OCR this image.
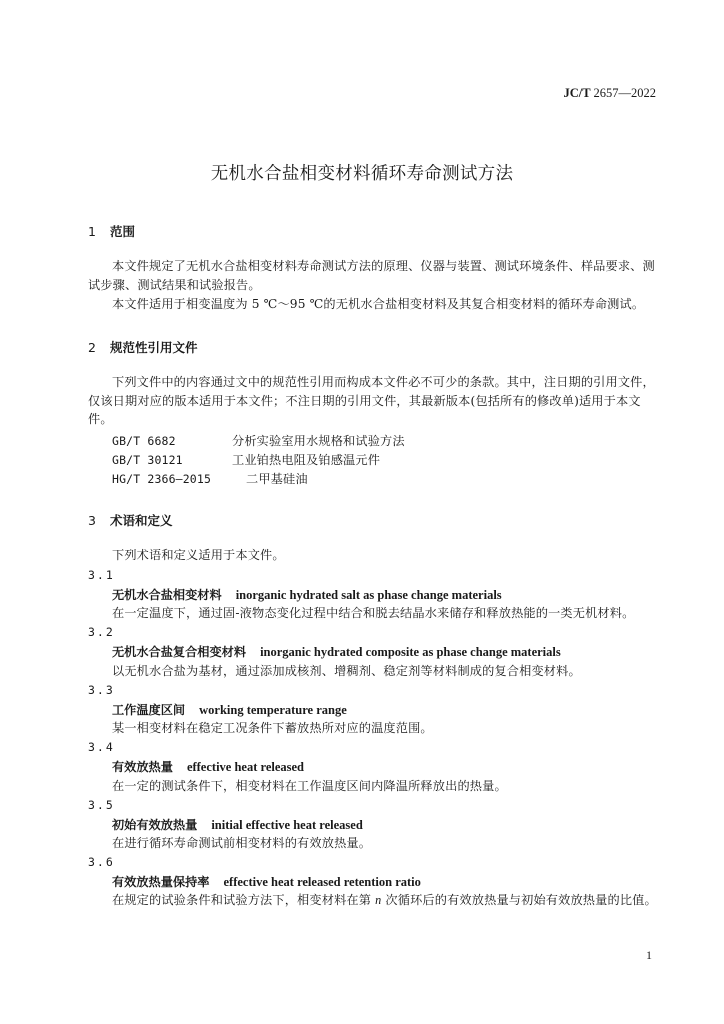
JC/T 2657—2022
无机水合盐相变材料循环寿命测试方法
1 范围
本文件规定了无机水合盐相变材料寿命测试方法的原理、仪器与装置、测试环境条件、样品要求、测试步骤、测试结果和试验报告。
本文件适用于相变温度为 5 ℃～95 ℃的无机水合盐相变材料及其复合相变材料的循环寿命测试。
2 规范性引用文件
下列文件中的内容通过文中的规范性引用而构成本文件必不可少的条款。其中，注日期的引用文件，仅该日期对应的版本适用于本文件；不注日期的引用文件，其最新版本(包括所有的修改单)适用于本文件。
GB/T 6682	分析实验室用水规格和试验方法
GB/T 30121	工业铂热电阻及铂感温元件
HG/T 2366—2015	二甲基硅油
3 术语和定义
下列术语和定义适用于本文件。
3.1
无机水合盐相变材料 inorganic hydrated salt as phase change materials
在一定温度下，通过固-液物态变化过程中结合和脱去结晶水来储存和释放热能的一类无机材料。
3.2
无机水合盐复合相变材料 inorganic hydrated composite as phase change materials
以无机水合盐为基材，通过添加成核剂、增稠剂、稳定剂等材料制成的复合相变材料。
3.3
工作温度区间 working temperature range
某一相变材料在稳定工况条件下蓄放热所对应的温度范围。
3.4
有效放热量 effective heat released
在一定的测试条件下，相变材料在工作温度区间内降温所释放出的热量。
3.5
初始有效放热量 initial effective heat released
在进行循环寿命测试前相变材料的有效放热量。
3.6
有效放热量保持率 effective heat released retention ratio
在规定的试验条件和试验方法下，相变材料在第 n 次循环后的有效放热量与初始有效放热量的比值。
1
